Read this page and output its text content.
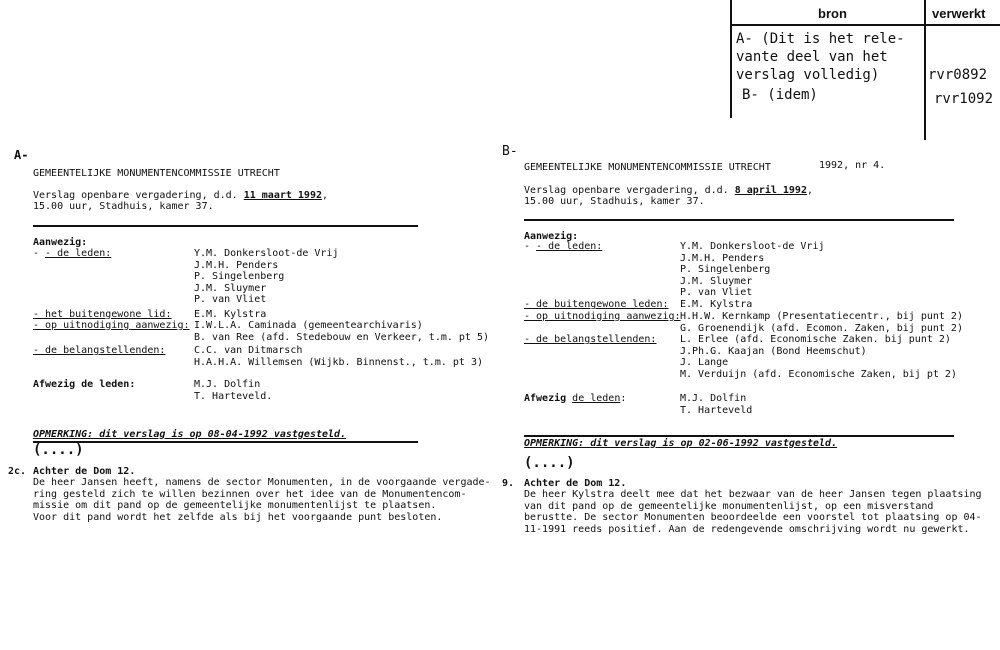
bron	verwerkt
A- (Dit is het rele-
vante deel van het
verslag volledig)	rvr0892
B- (idem)	rvr1092
A-
GEMEENTELIJKE MONUMENTENCOMMISSIE UTRECHT
Verslag openbare vergadering, d.d. 11 maart 1992,
15.00 uur, Stadhuis, kamer 37.
Aanwezig:
- - de leden:	Y.M. Donkersloot-de Vrij
J.M.H. Penders
P. Singelenberg
J.M. Sluymer
P. van Vliet
- het buitengewone lid: E.M. Kylstra
- op uitnodiging aanwezig: I.W.L.A. Caminada (gemeentearchivaris)
B. van Ree (afd. Stedebouw en Verkeer, t.m. pt 5)
- de belangstellenden:	C.C. van Ditmarsch
H.A.H.A. Willemsen (Wijkb. Binnenst., t.m. pt 3)
Afwezig de leden:	M.J. Dolfin
T. Harteveld.
OPMERKING: dit verslag is op 08-04-1992 vastgesteld.
(....)
2c. Achter de Dom 12.
De heer Jansen heeft, namens de sector Monumenten, in de voorgaande vergade-
ring gesteld zich te willen bezinnen over het idee van de Monumentencom-
missie om dit pand op de gemeentelijke monumentenlijst te plaatsen.
Voor dit pand wordt het zelfde als bij het voorgaande punt besloten.
B-
GEMEENTELIJKE MONUMENTENCOMMISSIE UTRECHT	1992, nr 4.
Verslag openbare vergadering, d.d. 8 april 1992,
15.00 uur, Stadhuis, kamer 37.
Aanwezig:
- - de leden:	Y.M. Donkersloot-de Vrij
J.M.H. Penders
P. Singelenberg
J.M. Sluymer
P. van Vliet
- de buitengewone leden: E.M. Kylstra
- op uitnodiging aanwezig: H.H.W. Kernkamp (Presentatiecentr., bij punt 2)
G. Groenendijk (afd. Ecomon. Zaken, bij punt 2)
- de belangstellenden: L. Erlee (afd. Economische Zaken. bij punt 2)
J.Ph.G. Kaajan (Bond Heemschut)
J. Lange
M. Verduijn (afd. Economische Zaken, bij pt 2)
Afwezig de leden:	M.J. Dolfin
T. Harteveld
OPMERKING: dit verslag is op 02-06-1992 vastgesteld.
(....)
9. Achter de Dom 12.
De heer Kylstra deelt mee dat het bezwaar van de heer Jansen tegen plaatsing
van dit pand op de gemeentelijke monumentenlijst, op een misverstand
berustte. De sector Monumenten beoordeelde een voorstel tot plaatsing op 04-
11-1991 reeds positief. Aan de redengevende omschrijving wordt nu gewerkt.
